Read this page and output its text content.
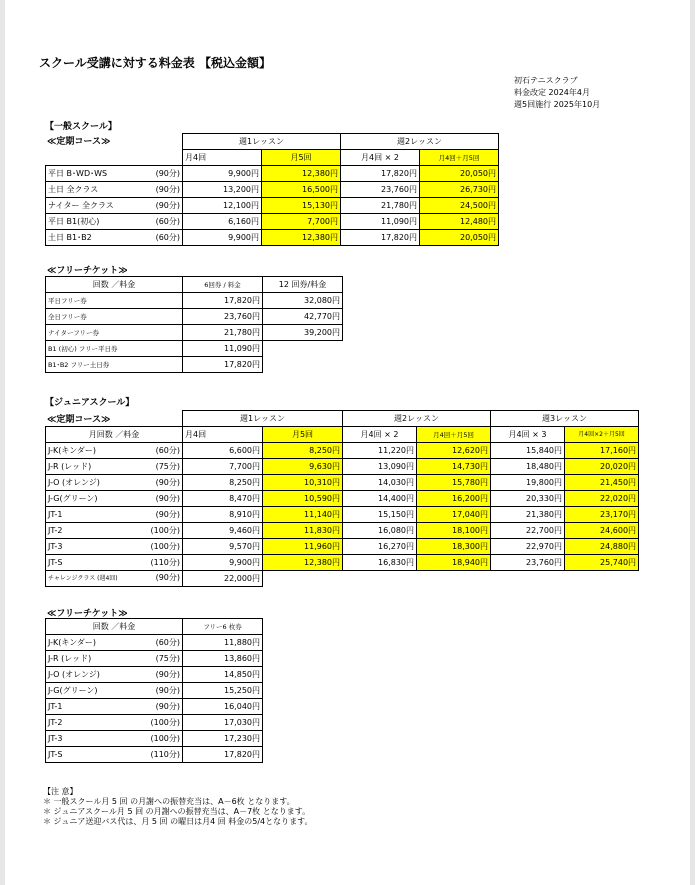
スクール受講に対する料金表 【税込金額】
初石テニスクラブ
料金改定 2024年4月
週5回施行 2025年10月
【一般スクール】
≪定期コース≫
		週1レッスン		週2レッスン	
	月4回	月5回	月4回 × 2	月4回＋月5回
平日 B･WD･WS (90分)	9,900円	12,380円	17,820円	20,050円
土日 全クラス (90分)	13,200円	16,500円	23,760円	26,730円
ナイター 全クラス (90分)	12,100円	15,130円	21,780円	24,500円
平日 B1(初心) (60分)	6,160円	7,700円	11,090円	12,480円
土日 B1･B2 (60分)	9,900円	12,380円	17,820円	20,050円
≪フリーチケット≫
回数 ／料金	6回券 / 料金	12 回券/料金
平日フリー券	17,820円	32,080円
全日フリー券	23,760円	42,770円
ナイターフリー券	21,780円	39,200円
B1 (初心) フリー平日券	11,090円	
B1･B2 フリー土日券	17,820円	
【ジュニアスクール】
≪定期コース≫
		週1レッスン		週2レッスン		週3レッスン	
月回数 ／料金	月4回	月5回	月4回 × 2	月4回＋月5回	月4回 × 3	月4回×2＋月5回
J-K(キンダー) (60分)	6,600円	8,250円	11,220円	12,620円	15,840円	17,160円
J-R (レッド) (75分)	7,700円	9,630円	13,090円	14,730円	18,480円	20,020円
J-O (オレンジ) (90分)	8,250円	10,310円	14,030円	15,780円	19,800円	21,450円
J-G(グリーン) (90分)	8,470円	10,590円	14,400円	16,200円	20,330円	22,020円
JT-1 (90分)	8,910円	11,140円	15,150円	17,040円	21,380円	23,170円
JT-2 (100分)	9,460円	11,830円	16,080円	18,100円	22,700円	24,600円
JT-3 (100分)	9,570円	11,960円	16,270円	18,300円	22,970円	24,880円
JT-S (110分)	9,900円	12,380円	16,830円	18,940円	23,760円	25,740円
チャレンジクラス (週4回) (90分)	22,000円					
≪フリーチケット≫
回数 ／料金	フリー6 枚券
J-K(キンダー) (60分)	11,880円
J-R (レッド) (75分)	13,860円
J-O (オレンジ) (90分)	14,850円
J-G(グリーン) (90分)	15,250円
JT-1 (90分)	16,040円
JT-2 (100分)	17,030円
JT-3 (100分)	17,230円
JT-S (110分)	17,820円
【注 意】
＊ 一般スクール月 5 回 の月謝への振替充当は、A－6枚 となります。
＊ ジュニアスクール月 5 回 の月謝への振替充当は、A－7枚 となります。
＊ ジュニア送迎バス代は、月 5 回 の曜日は月4 回 料金の5/4となります。
